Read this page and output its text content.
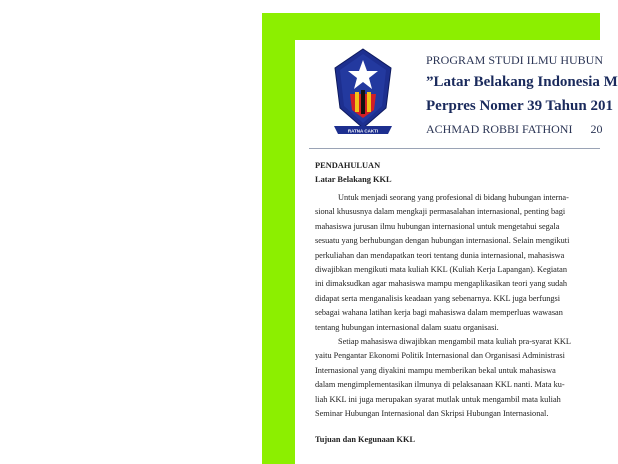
RATNA CAKTI
PROGRAM STUDI ILMU HUBUN
”Latar Belakang Indonesia M
Perpres Nomer 39 Tahun 201
ACHMAD ROBBI FATHONI 20
PENDAHULUAN
Latar Belakang KKL
Untuk menjadi seorang yang profesional di bidang hubungan interna-
sional khususnya dalam mengkaji permasalahan internasional, penting bagi
mahasiswa jurusan ilmu hubungan internasional untuk mengetahui segala
sesuatu yang berhubungan dengan hubungan internasional. Selain mengikuti
perkuliahan dan mendapatkan teori tentang dunia internasional, mahasiswa
diwajibkan mengikuti mata kuliah KKL (Kuliah Kerja Lapangan). Kegiatan
ini dimaksudkan agar mahasiswa mampu mengaplikasikan teori yang sudah
didapat serta menganalisis keadaan yang sebenarnya. KKL juga berfungsi
sebagai wahana latihan kerja bagi mahasiswa dalam memperluas wawasan
tentang hubungan internasional dalam suatu organisasi.
Setiap mahasiswa diwajibkan mengambil mata kuliah pra-syarat KKL
yaitu Pengantar Ekonomi Politik Internasional dan Organisasi Administrasi
Internasional yang diyakini mampu memberikan bekal untuk mahasiswa
dalam mengimplementasikan ilmunya di pelaksanaan KKL nanti. Mata ku-
liah KKL ini juga merupakan syarat mutlak untuk mengambil mata kuliah
Seminar Hubungan Internasional dan Skripsi Hubungan Internasional.
Tujuan dan Kegunaan KKL
